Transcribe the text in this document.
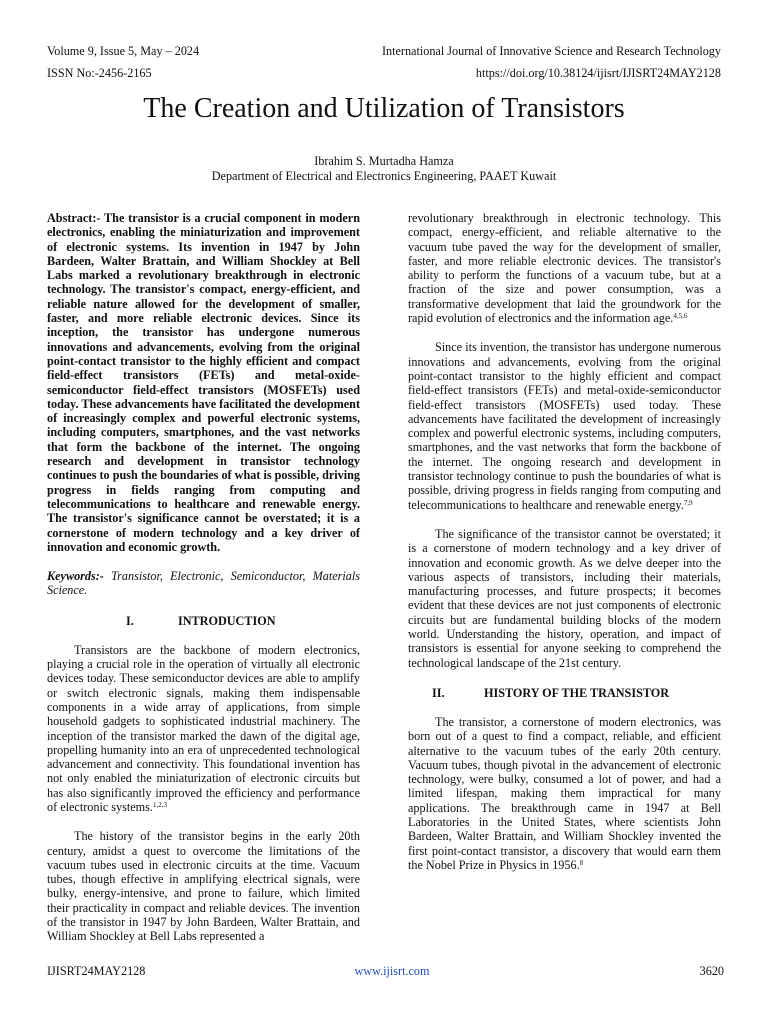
Volume 9, Issue 5, May – 2024	International Journal of Innovative Science and Research Technology
ISSN No:-2456-2165	https://doi.org/10.38124/ijisrt/IJISRT24MAY2128
The Creation and Utilization of Transistors
Ibrahim S. Murtadha Hamza
Department of Electrical and Electronics Engineering, PAAET Kuwait

Abstract:- The transistor is a crucial component in modern electronics, enabling the miniaturization and improvement of electronic systems. Its invention in 1947 by John Bardeen, Walter Brattain, and William Shockley at Bell Labs marked a revolutionary breakthrough in electronic technology. The transistor's compact, energy-efficient, and reliable nature allowed for the development of smaller, faster, and more reliable electronic devices. Since its inception, the transistor has undergone numerous innovations and advancements, evolving from the original point-contact transistor to the highly efficient and compact field-effect transistors (FETs) and metal-oxide-semiconductor field-effect transistors (MOSFETs) used today. These advancements have facilitated the development of increasingly complex and powerful electronic systems, including computers, smartphones, and the vast networks that form the backbone of the internet. The ongoing research and development in transistor technology continues to push the boundaries of what is possible, driving progress in fields ranging from computing and telecommunications to healthcare and renewable energy. The transistor's significance cannot be overstated; it is a cornerstone of modern technology and a key driver of innovation and economic growth.

Keywords:- Transistor, Electronic, Semiconductor, Materials Science.

I.	INTRODUCTION

Transistors are the backbone of modern electronics, playing a crucial role in the operation of virtually all electronic devices today. These semiconductor devices are able to amplify or switch electronic signals, making them indispensable components in a wide array of applications, from simple household gadgets to sophisticated industrial machinery. The inception of the transistor marked the dawn of the digital age, propelling humanity into an era of unprecedented technological advancement and connectivity. This foundational invention has not only enabled the miniaturization of electronic circuits but has also significantly improved the efficiency and performance of electronic systems.$^{1,2,3}$

The history of the transistor begins in the early 20th century, amidst a quest to overcome the limitations of the vacuum tubes used in electronic circuits at the time. Vacuum tubes, though effective in amplifying electrical signals, were bulky, energy-intensive, and prone to failure, which limited their practicality in compact and reliable devices. The invention of the transistor in 1947 by John Bardeen, Walter Brattain, and William Shockley at Bell Labs represented a

revolutionary breakthrough in electronic technology. This compact, energy-efficient, and reliable alternative to the vacuum tube paved the way for the development of smaller, faster, and more reliable electronic devices. The transistor's ability to perform the functions of a vacuum tube, but at a fraction of the size and power consumption, was a transformative development that laid the groundwork for the rapid evolution of electronics and the information age.$^{4,5,6}$

Since its invention, the transistor has undergone numerous innovations and advancements, evolving from the original point-contact transistor to the highly efficient and compact field-effect transistors (FETs) and metal-oxide-semiconductor field-effect transistors (MOSFETs) used today. These advancements have facilitated the development of increasingly complex and powerful electronic systems, including computers, smartphones, and the vast networks that form the backbone of the internet. The ongoing research and development in transistor technology continue to push the boundaries of what is possible, driving progress in fields ranging from computing and telecommunications to healthcare and renewable energy.$^{7,9}$

The significance of the transistor cannot be overstated; it is a cornerstone of modern technology and a key driver of innovation and economic growth. As we delve deeper into the various aspects of transistors, including their materials, manufacturing processes, and future prospects; it becomes evident that these devices are not just components of electronic circuits but are fundamental building blocks of the modern world. Understanding the history, operation, and impact of transistors is essential for anyone seeking to comprehend the technological landscape of the 21st century.

II.	HISTORY OF THE TRANSISTOR

The transistor, a cornerstone of modern electronics, was born out of a quest to find a compact, reliable, and efficient alternative to the vacuum tubes of the early 20th century. Vacuum tubes, though pivotal in the advancement of electronic technology, were bulky, consumed a lot of power, and had a limited lifespan, making them impractical for many applications. The breakthrough came in 1947 at Bell Laboratories in the United States, where scientists John Bardeen, Walter Brattain, and William Shockley invented the first point-contact transistor, a discovery that would earn them the Nobel Prize in Physics in 1956.$^8$

IJISRT24MAY2128	www.ijisrt.com	3620
